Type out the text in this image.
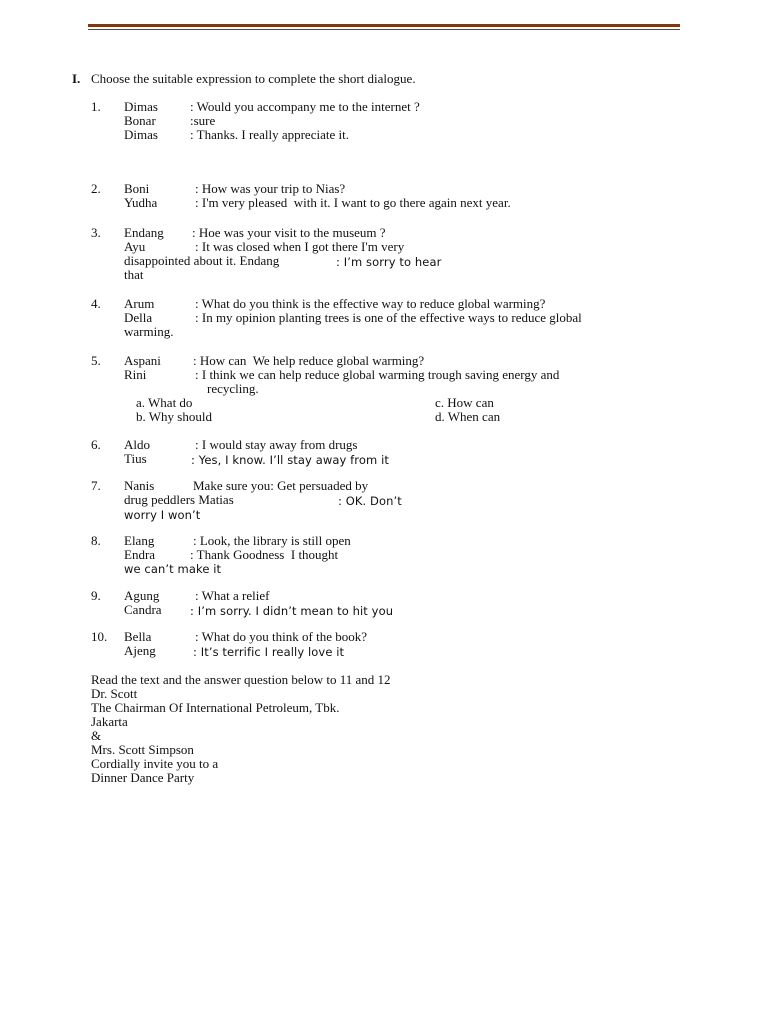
I. Choose the suitable expression to complete the short dialogue.
1. Dimas : Would you accompany me to the internet ?
Bonar	:sure
Dimas : Thanks. I really appreciate it.
2. Boni	: How was your trip to Nias?
Yudha	: I'm very pleased  with it. I want to go there again next year.
3. Endang : Hoe was your visit to the museum ?
Ayu	: It was closed when I got there I'm very
disappointed about it. Endang	: I’m sorry to hear
that
4. Arum	: What do you think is the effective way to reduce global warming?
Della	: In my opinion planting trees is one of the effective ways to reduce global
warming.
5. Aspani : How can  We help reduce global warming?
Rini	: I think we can help reduce global warming trough saving energy and
recycling.
a. What do
b. Why should
c. How can
d. When can
6. Aldo	: I would stay away from drugs
Tius	: Yes, I know. I’ll stay away from it
7. Nanis	Make sure you: Get persuaded by
drug peddlers Matias	: OK. Don’t
worry I won’t
8. Elang	: Look, the library is still open
Endra	: Thank Goodness  I thought
we can’t make it
9. Agung	: What a relief
Candra : I’m sorry. I didn’t mean to hit you
10. Bella	: What do you think of the book?
Ajeng	: It’s terrific I really love it
Read the text and the answer question below to 11 and 12
Dr. Scott
The Chairman Of International Petroleum, Tbk.
Jakarta
&
Mrs. Scott Simpson
Cordially invite you to a
Dinner Dance Party
